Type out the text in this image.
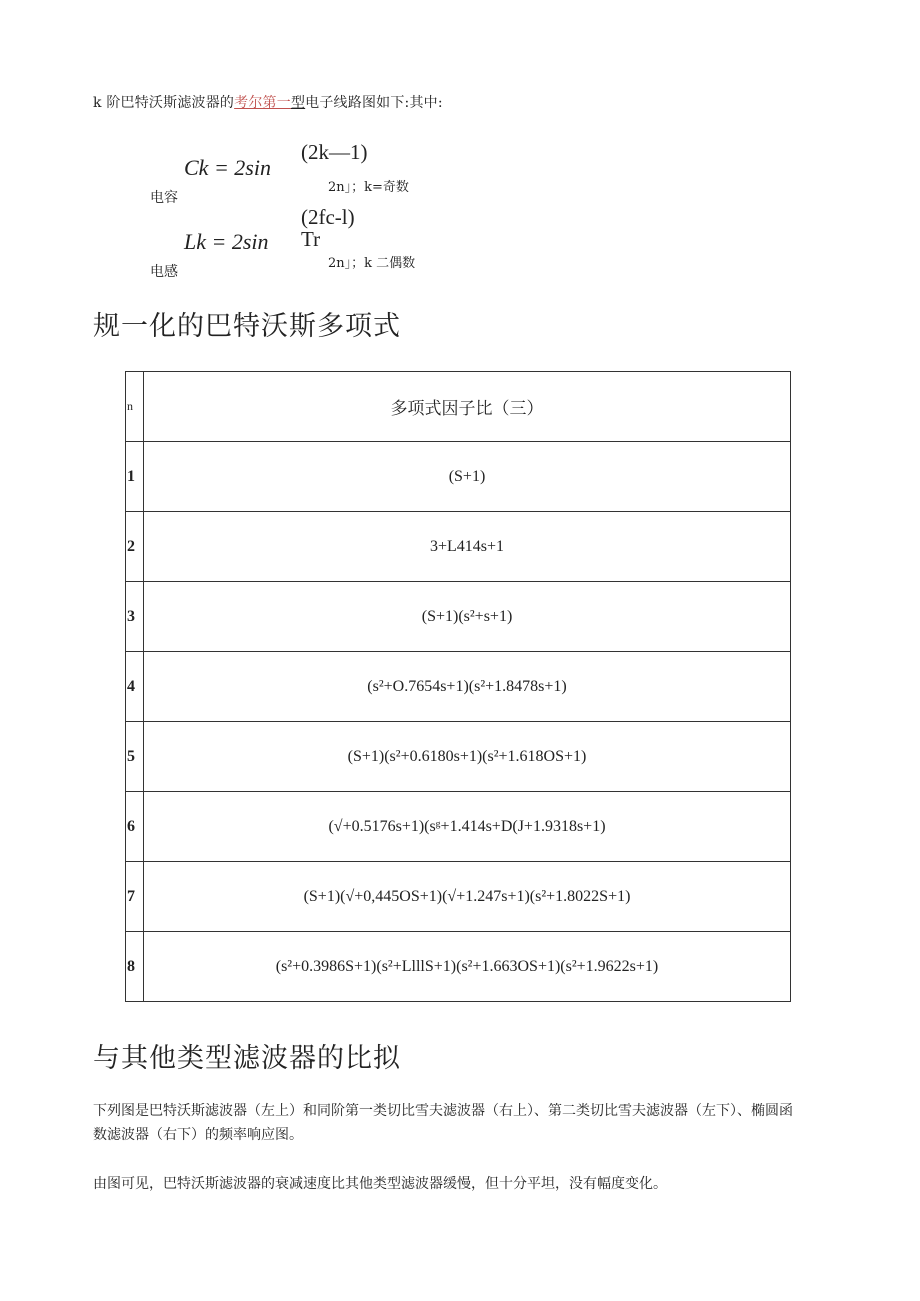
k 阶巴特沃斯滤波器的考尔第一型电子线路图如下:其中:
Ck = 2sin
(2k—1)
2n」；k=奇数
电容
Lk = 2sin
(2fc-l)
Tr
2n」；k 二偶数
电感
规一化的巴特沃斯多项式
n	多项式因子比（三）
1	(S+1)
2	3+L414s+1
3	(S+1)(s²+s+1)
4	(s²+O.7654s+1)(s²+1.8478s+1)
5	(S+1)(s²+0.6180s+1)(s²+1.618OS+1)
6	(√+0.5176s+1)(sᵍ+1.414s+D(J+1.9318s+1)
7	(S+1)(√+0,445OS+1)(√+1.247s+1)(s²+1.8022S+1)
8	(s²+0.3986S+1)(s²+LlllS+1)(s²+1.663OS+1)(s²+1.9622s+1)
与其他类型滤波器的比拟
下列图是巴特沃斯滤波器（左上）和同阶第一类切比雪夫滤波器（右上）、第二类切比雪夫滤波器（左下）、椭圆函数滤波器（右下）的频率响应图。
由图可见，巴特沃斯滤波器的衰减速度比其他类型滤波器缓慢，但十分平坦，没有幅度变化。
